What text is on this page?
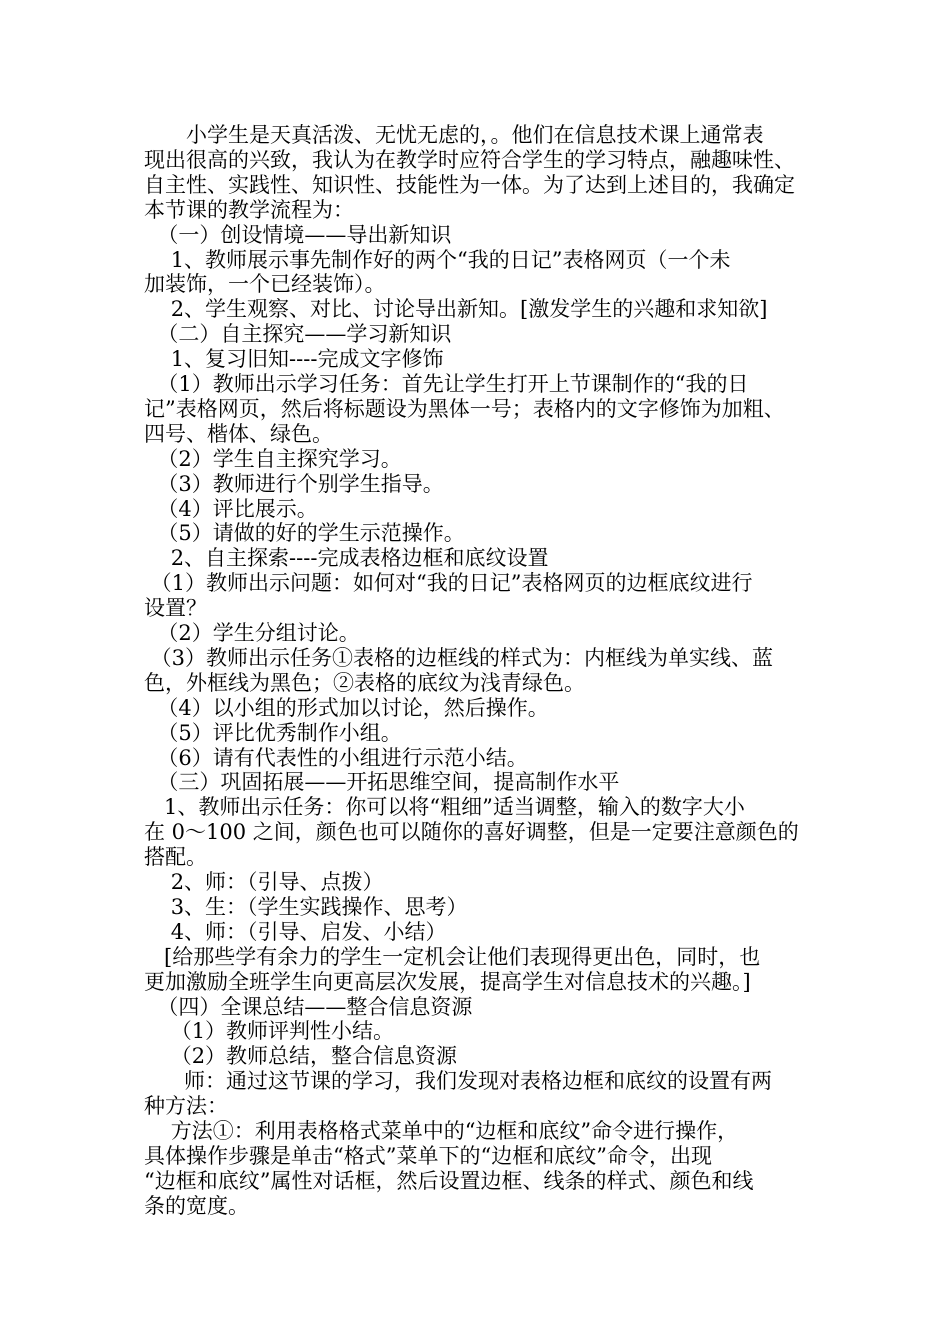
　　小学生是天真活泼、无忧无虑的，。他们在信息技术课上通常表
现出很高的兴致，我认为在教学时应符合学生的学习特点，融趣味性、
自主性、实践性、知识性、技能性为一体。为了达到上述目的，我确定
本节课的教学流程为：
（一）创设情境——导出新知识
1、教师展示事先制作好的两个“我的日记”表格网页（一个未
加装饰，一个已经装饰）。
2、学生观察、对比、讨论导出新知。[激发学生的兴趣和求知欲]
（二）自主探究——学习新知识
1、复习旧知----完成文字修饰
（1）教师出示学习任务：首先让学生打开上节课制作的“我的日
记”表格网页，然后将标题设为黑体一号；表格内的文字修饰为加粗、
四号、楷体、绿色。
（2）学生自主探究学习。
（3）教师进行个别学生指导。
（4）评比展示。
（5）请做的好的学生示范操作。
2、自主探索----完成表格边框和底纹设置
（1）教师出示问题：如何对“我的日记”表格网页的边框底纹进行
设置？
（2）学生分组讨论。
（3）教师出示任务①表格的边框线的样式为：内框线为单实线、蓝
色，外框线为黑色；②表格的底纹为浅青绿色。
（4）以小组的形式加以讨论，然后操作。
（5）评比优秀制作小组。
（6）请有代表性的小组进行示范小结。
（三）巩固拓展——开拓思维空间，提高制作水平
1、教师出示任务：你可以将“粗细”适当调整，输入的数字大小
在 0～100 之间，颜色也可以随你的喜好调整，但是一定要注意颜色的
搭配。
2、师：（引导、点拨）
3、生：（学生实践操作、思考）
4、师：（引导、启发、小结）
[给那些学有余力的学生一定机会让他们表现得更出色，同时，也
更加激励全班学生向更高层次发展，提高学生对信息技术的兴趣。]
（四）全课总结——整合信息资源
（1）教师评判性小结。
（2）教师总结，整合信息资源
师：通过这节课的学习，我们发现对表格边框和底纹的设置有两
种方法：
方法①：利用表格格式菜单中的“边框和底纹”命令进行操作，
具体操作步骤是单击“格式”菜单下的“边框和底纹”命令，出现
“边框和底纹”属性对话框，然后设置边框、线条的样式、颜色和线
条的宽度。
